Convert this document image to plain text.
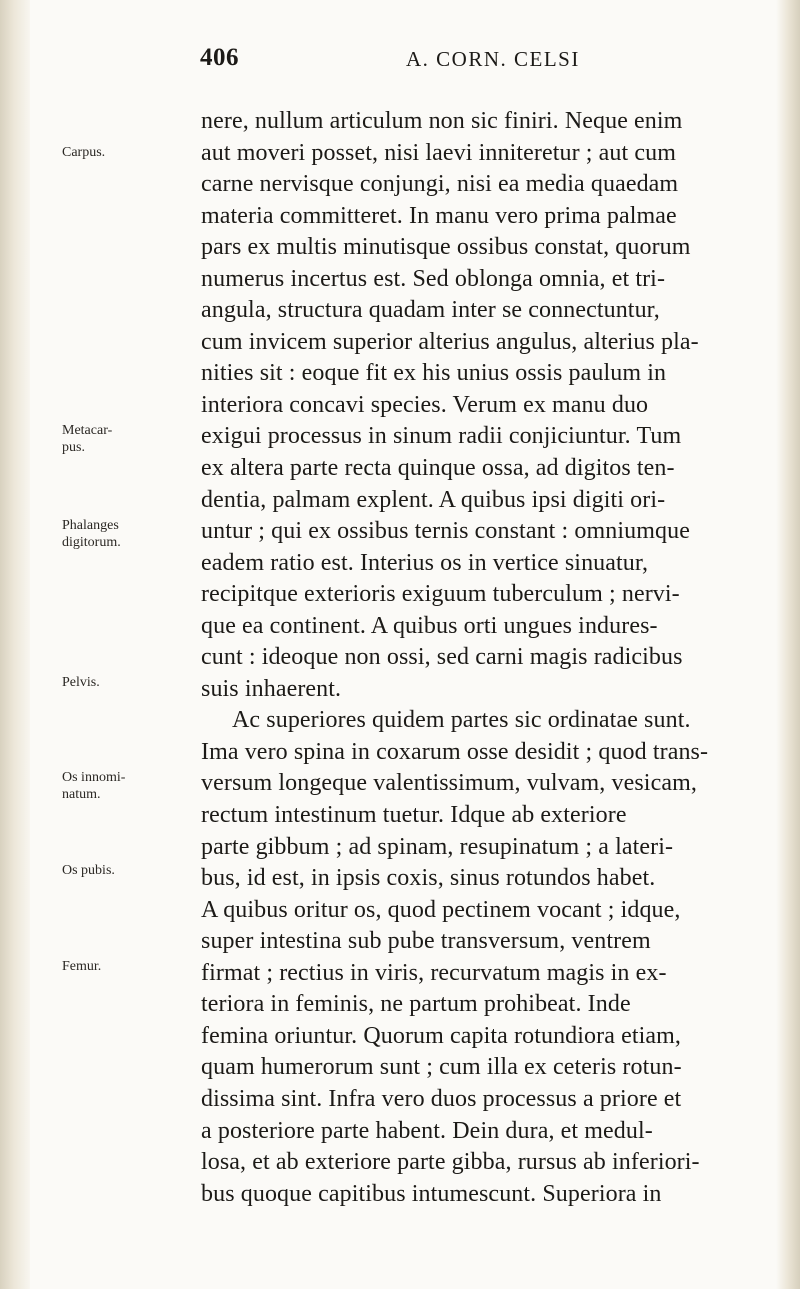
406	A. CORN. CELSI
Carpus.
Metacar-
pus.
Phalanges
digitorum.
Pelvis.
Os innomi-
natum.
Os pubis.
Femur.
nere, nullum articulum non sic finiri. Neque enim
aut moveri posset, nisi laevi inniteretur ; aut cum
carne nervisque conjungi, nisi ea media quaedam
materia committeret. In manu vero prima palmae
pars ex multis minutisque ossibus constat, quorum
numerus incertus est. Sed oblonga omnia, et tri-
angula, structura quadam inter se connectuntur,
cum invicem superior alterius angulus, alterius pla-
nities sit : eoque fit ex his unius ossis paulum in
interiora concavi species. Verum ex manu duo
exigui processus in sinum radii conjiciuntur. Tum
ex altera parte recta quinque ossa, ad digitos ten-
dentia, palmam explent. A quibus ipsi digiti ori-
untur ; qui ex ossibus ternis constant : omniumque
eadem ratio est. Interius os in vertice sinuatur,
recipitque exterioris exiguum tuberculum ; nervi-
que ea continent. A quibus orti ungues indures-
cunt : ideoque non ossi, sed carni magis radicibus
suis inhaerent.
Ac superiores quidem partes sic ordinatae sunt.
Ima vero spina in coxarum osse desidit ; quod trans-
versum longeque valentissimum, vulvam, vesicam,
rectum intestinum tuetur. Idque ab exteriore
parte gibbum ; ad spinam, resupinatum ; a lateri-
bus, id est, in ipsis coxis, sinus rotundos habet.
A quibus oritur os, quod pectinem vocant ; idque,
super intestina sub pube transversum, ventrem
firmat ; rectius in viris, recurvatum magis in ex-
teriora in feminis, ne partum prohibeat. Inde
femina oriuntur. Quorum capita rotundiora etiam,
quam humerorum sunt ; cum illa ex ceteris rotun-
dissima sint. Infra vero duos processus a priore et
a posteriore parte habent. Dein dura, et medul-
losa, et ab exteriore parte gibba, rursus ab inferiori-
bus quoque capitibus intumescunt. Superiora in
